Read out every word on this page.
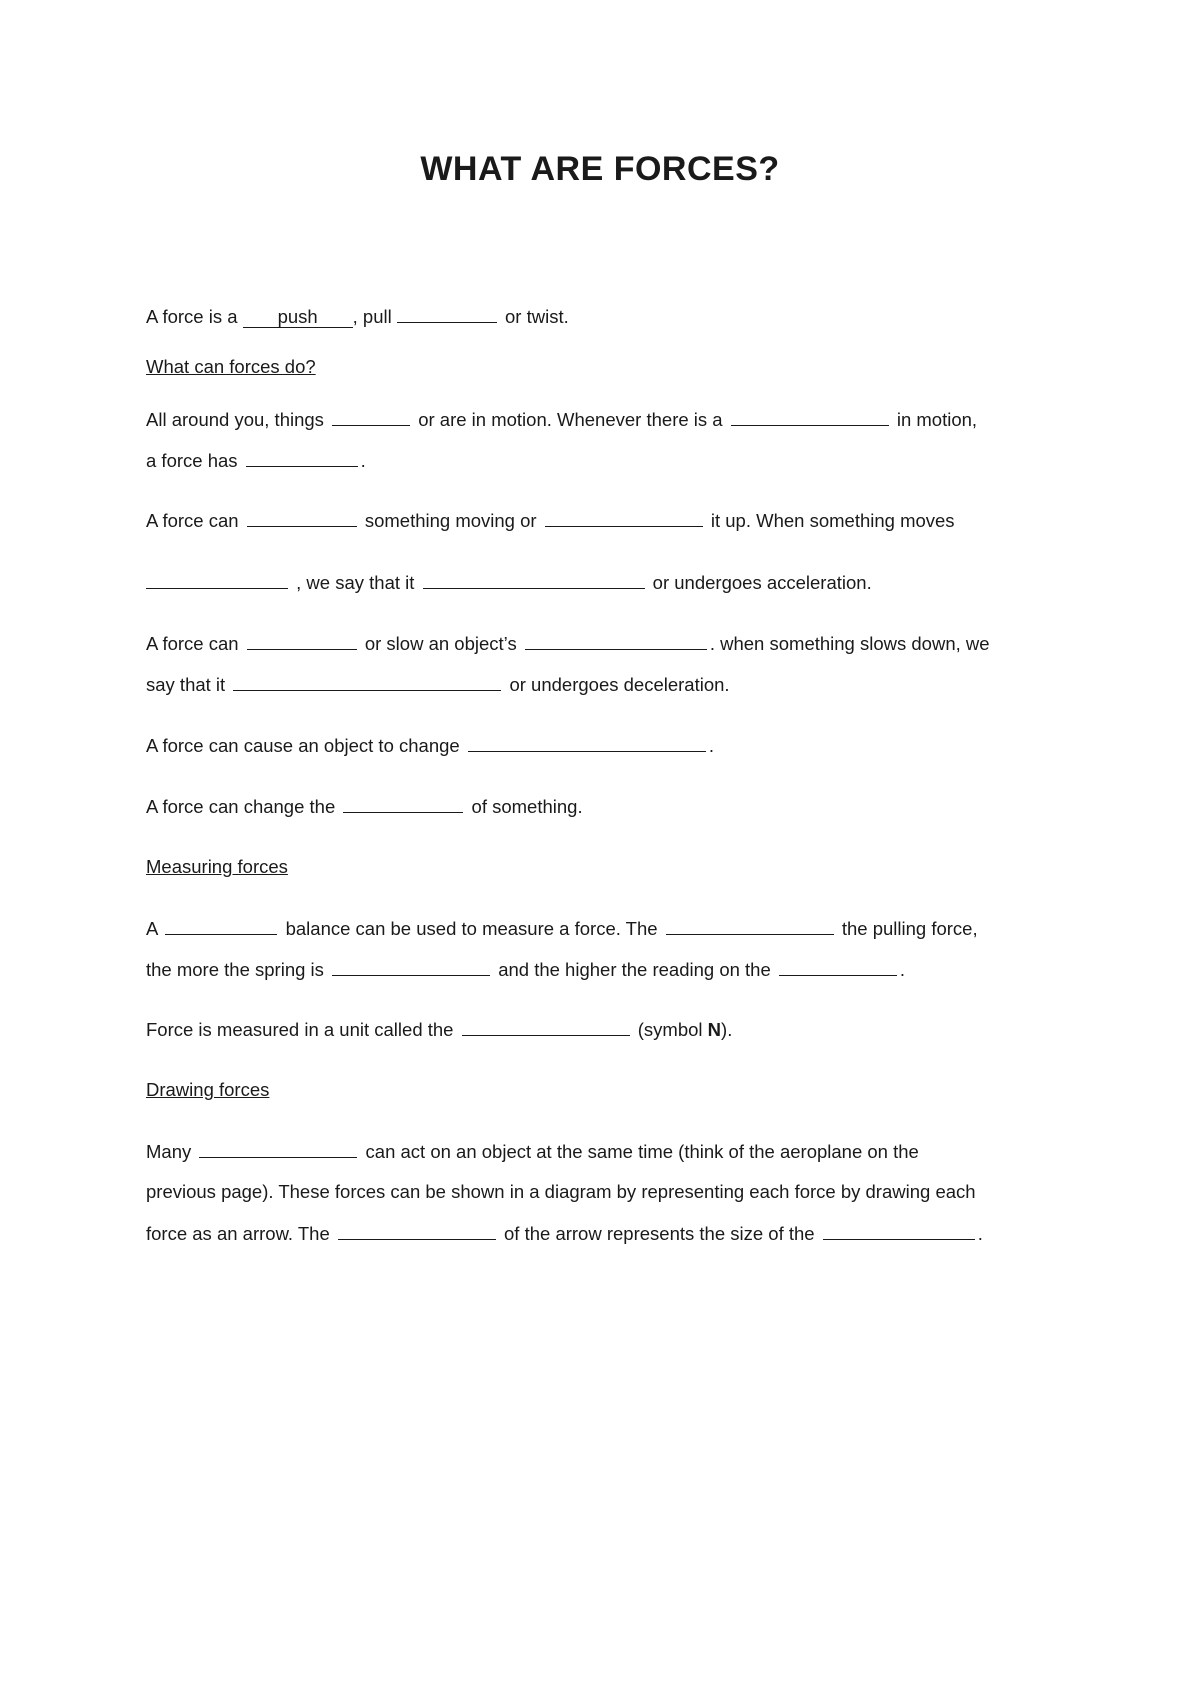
WHAT ARE FORCES?
A force is a push , pull	or twist.
What can forces do?
All around you, things	or are in motion. Whenever there is a	in motion,
a force has	.
A force can	something moving or	it up. When something moves
, we say that it	or undergoes acceleration.
A force can	or slow an object’s	. when something slows down, we
say that it	or undergoes deceleration.
A force can cause an object to change	.
A force can change the	of something.
Measuring forces
A	balance can be used to measure a force. The	the pulling force,
the more the spring is	and the higher the reading on the	.
Force is measured in a unit called the	(symbol N).
Drawing forces
Many	can act on an object at the same time (think of the aeroplane on the
previous page). These forces can be shown in a diagram by representing each force by drawing each
force as an arrow. The	of the arrow represents the size of the	.
